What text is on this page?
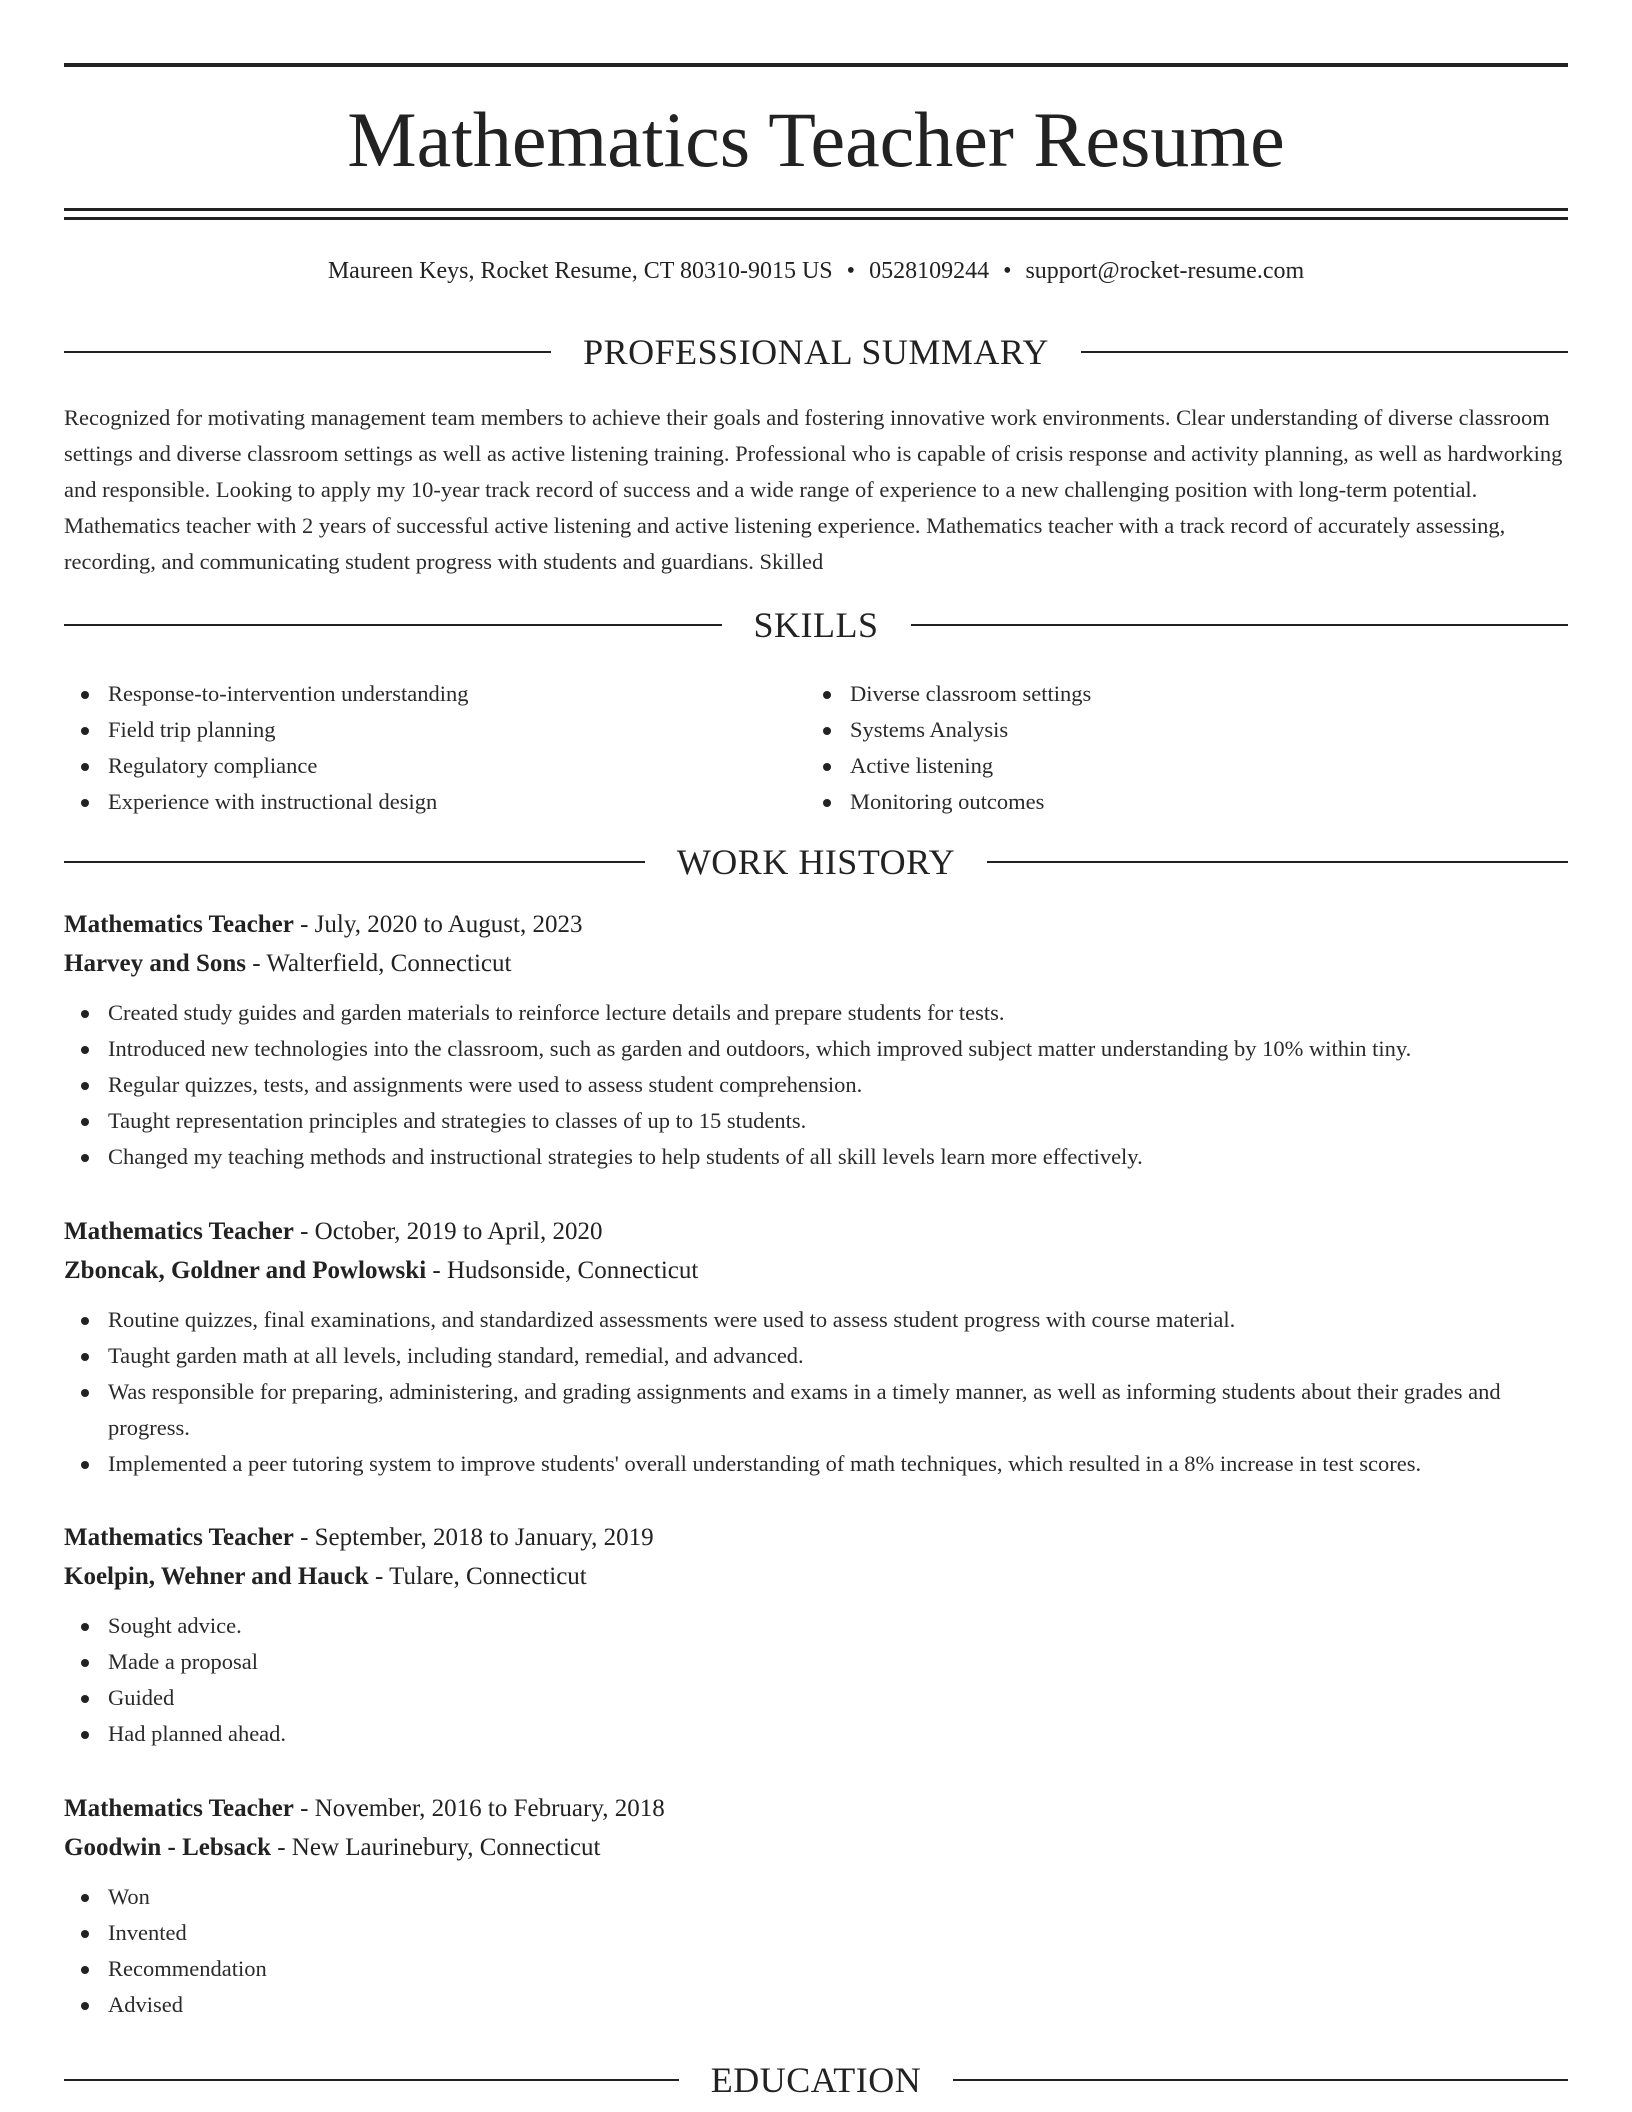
Mathematics Teacher Resume
Maureen Keys, Rocket Resume, CT 80310-9015 US • 0528109244 • support@rocket-resume.com
PROFESSIONAL SUMMARY

Recognized for motivating management team members to achieve their goals and fostering innovative work environments. Clear understanding of diverse classroom settings and diverse classroom settings as well as active listening training. Professional who is capable of crisis response and activity planning, as well as hardworking and responsible. Looking to apply my 10-year track record of success and a wide range of experience to a new challenging position with long-term potential. Mathematics teacher with 2 years of successful active listening and active listening experience. Mathematics teacher with a track record of accurately assessing, recording, and communicating student progress with students and guardians. Skilled

SKILLS
Response-to-intervention understanding
Field trip planning
Regulatory compliance
Experience with instructional design
Diverse classroom settings
Systems Analysis
Active listening
Monitoring outcomes
WORK HISTORY
Mathematics Teacher - July, 2020 to August, 2023
Harvey and Sons - Walterfield, Connecticut
Created study guides and garden materials to reinforce lecture details and prepare students for tests.
Introduced new technologies into the classroom, such as garden and outdoors, which improved subject matter understanding by 10% within tiny.
Regular quizzes, tests, and assignments were used to assess student comprehension.
Taught representation principles and strategies to classes of up to 15 students.
Changed my teaching methods and instructional strategies to help students of all skill levels learn more effectively.
Mathematics Teacher - October, 2019 to April, 2020
Zboncak, Goldner and Powlowski - Hudsonside, Connecticut
Routine quizzes, final examinations, and standardized assessments were used to assess student progress with course material.
Taught garden math at all levels, including standard, remedial, and advanced.
Was responsible for preparing, administering, and grading assignments and exams in a timely manner, as well as informing students about their grades and progress.
Implemented a peer tutoring system to improve students' overall understanding of math techniques, which resulted in a 8% increase in test scores.
Mathematics Teacher - September, 2018 to January, 2019
Koelpin, Wehner and Hauck - Tulare, Connecticut
Sought advice.
Made a proposal
Guided
Had planned ahead.
Mathematics Teacher - November, 2016 to February, 2018
Goodwin - Lebsack - New Laurinebury, Connecticut
Won
Invented
Recommendation
Advised
EDUCATION
